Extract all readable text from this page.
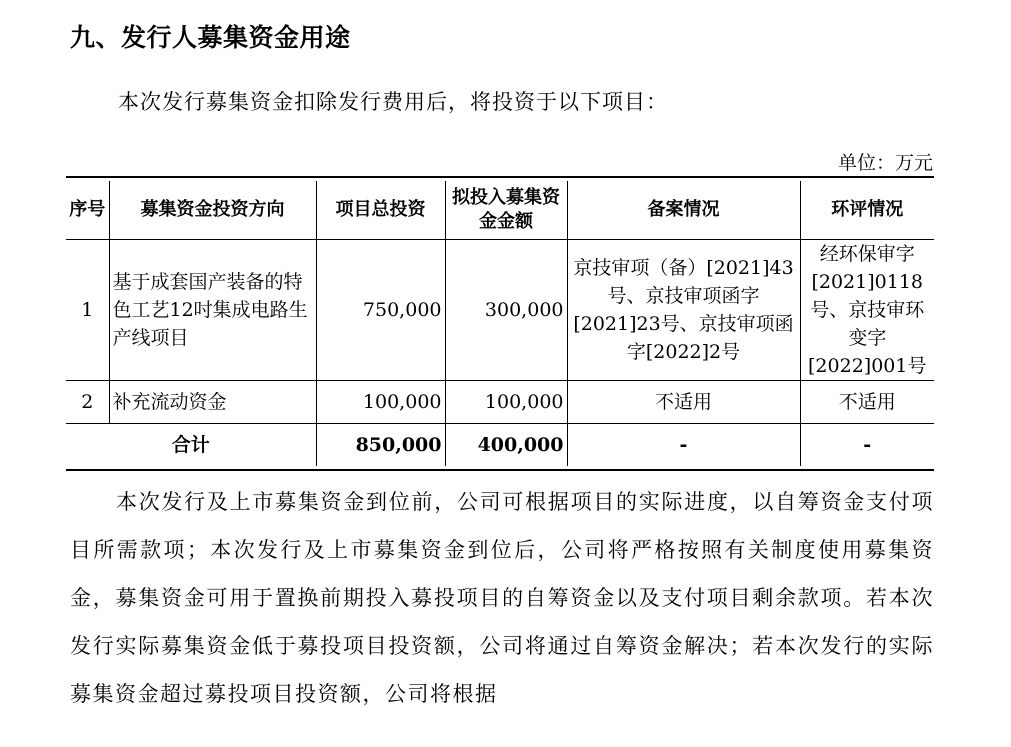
九、发行人募集资金用途
本次发行募集资金扣除发行费用后，将投资于以下项目：
单位：万元
序号	募集资金投资方向	项目总投资	拟投入募集资金金额	备案情况	环评情况
1	基于成套国产装备的特色工艺12吋集成电路生产线项目	750,000	300,000	京技审项（备）[2021]43号、京技审项函字[2021]23号、京技审项函字[2022]2号	经环保审字[2021]0118号、京技审环变字[2022]001号
2	补充流动资金	100,000	100,000	不适用	不适用
合计		850,000	400,000	-	-
本次发行及上市募集资金到位前，公司可根据项目的实际进度，以自筹资金支付项目所需款项；本次发行及上市募集资金到位后，公司将严格按照有关制度使用募集资金，募集资金可用于置换前期投入募投项目的自筹资金以及支付项目剩余款项。若本次发行实际募集资金低于募投项目投资额，公司将通过自筹资金解决；若本次发行的实际募集资金超过募投项目投资额，公司将根据
